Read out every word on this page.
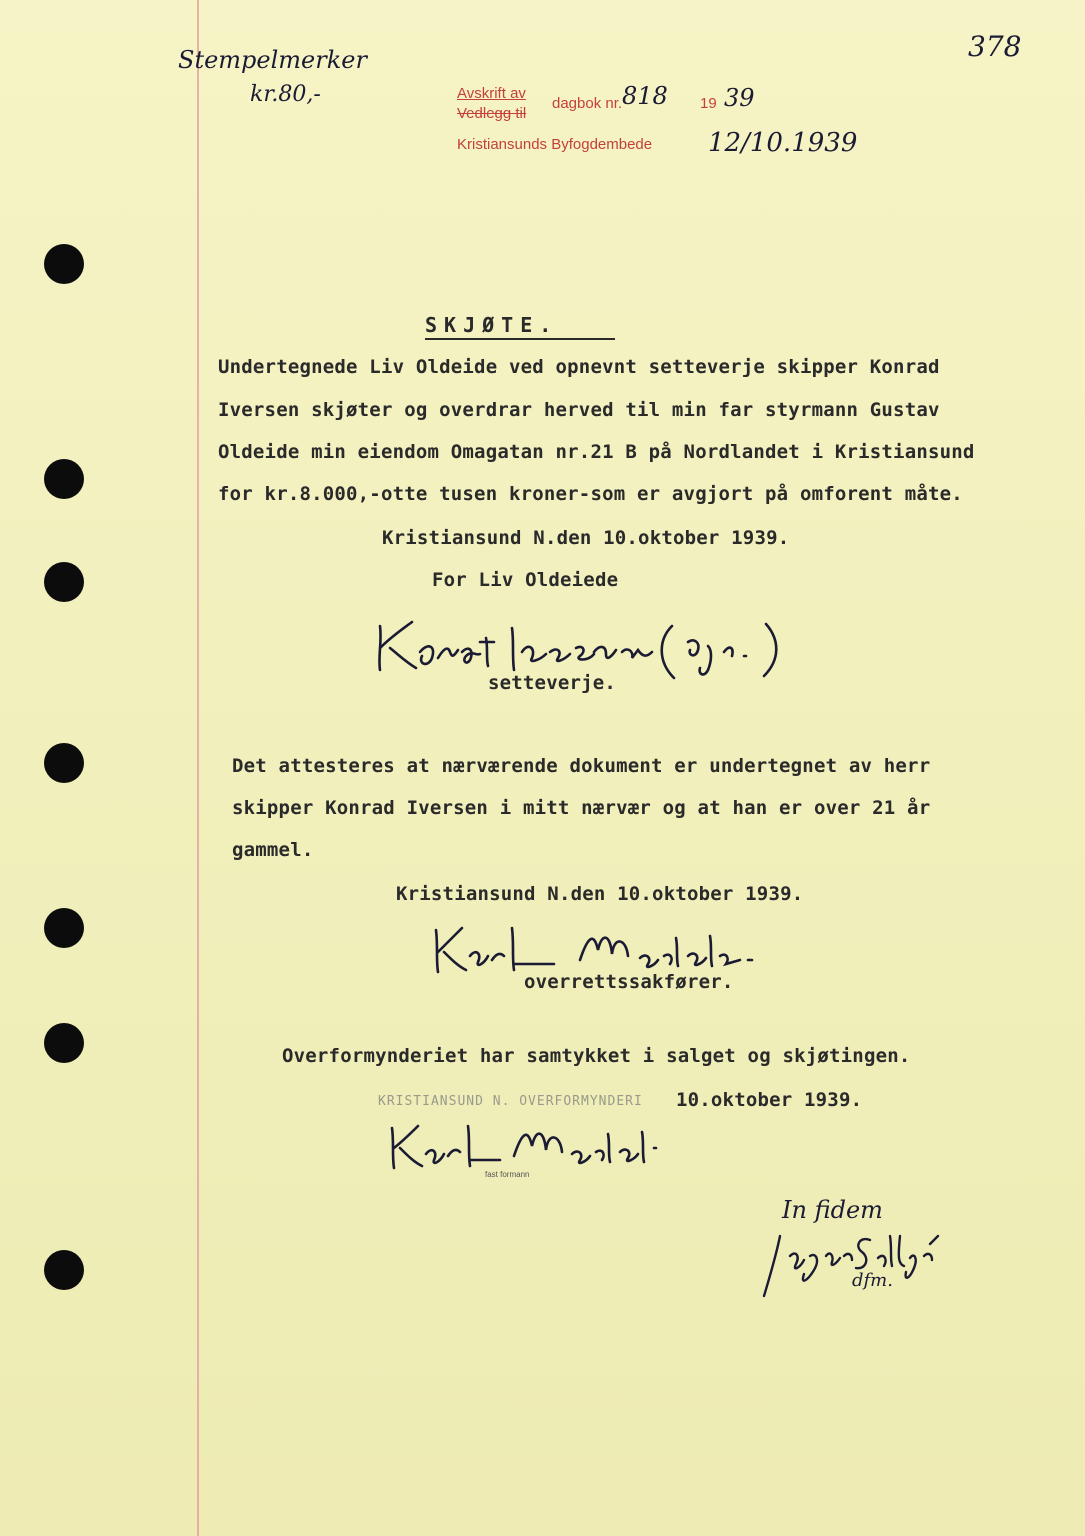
Stempelmerker
kr.80,-
378
Avskrift av
Vedlegg til
dagbok nr. 818 19 39
Kristiansunds Byfogdembede 12/10.1939
SKJØTE.
Undertegnede Liv Oldeide ved opnevnt setteverje skipper Konrad
Iversen skjøter og overdrar herved til min far styrmann Gustav
Oldeide min eiendom Omagatan nr.21 B på Nordlandet i Kristiansund
for kr.8.000,-otte tusen kroner-som er avgjort på omforent måte.
Kristiansund N.den 10.oktober 1939.
For Liv Oldeiede
setteverje.
Det attesteres at nærværende dokument er undertegnet av herr
skipper Konrad Iversen i mitt nærvær og at han er over 21 år
gammel.
Kristiansund N.den 10.oktober 1939.
overrettssakfører.
Overformynderiet har samtykket i salget og skjøtingen.
KRISTIANSUND N. OVERFORMYNDERI 10.oktober 1939.
fast formann
In fidem
dfm.
